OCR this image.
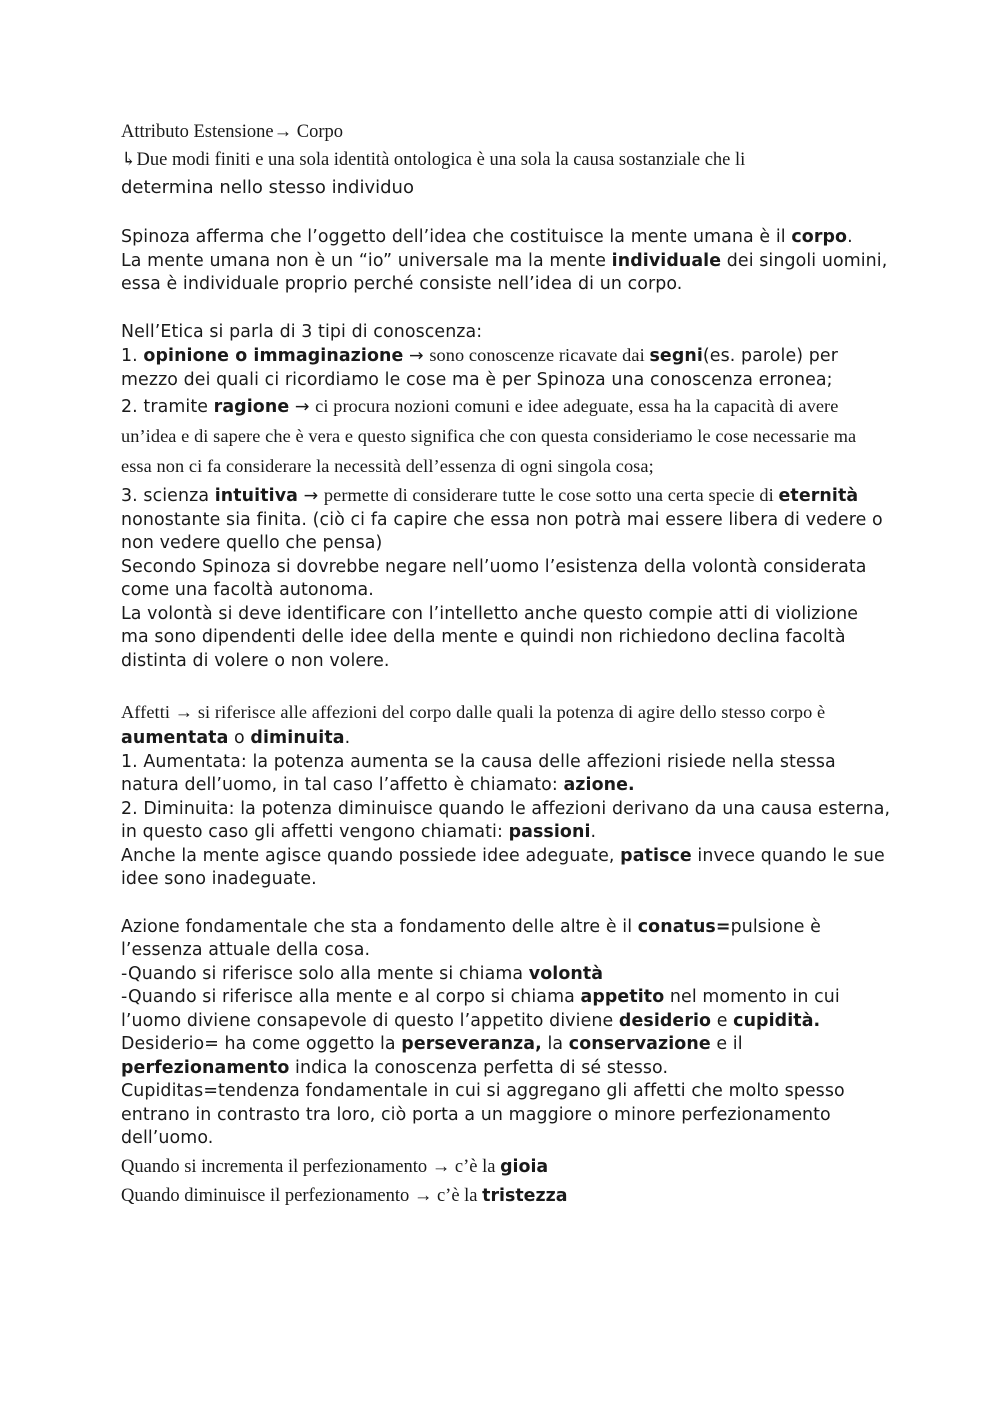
Attributo Estensione→ Corpo

↳Due modi finiti e una sola identità ontologica è una sola la causa sostanziale che li

determina nello stesso individuo

Spinoza afferma che l’oggetto dell’idea che costituisce la mente umana è il corpo.
La mente umana non è un “io” universale ma la mente individuale dei singoli uomini, essa è individuale proprio perché consiste nell’idea di un corpo.

Nell’Etica si parla di 3 tipi di conoscenza:

1. opinione o immaginazione → sono conoscenze ricavate dai segni(es. parole) per mezzo dei quali ci ricordiamo le cose ma è per Spinoza una conoscenza erronea;

2. tramite ragione → ci procura nozioni comuni e idee adeguate, essa ha la capacità di avere un’idea e di sapere che è vera e questo significa che con questa consideriamo le cose necessarie ma essa non ci fa considerare la necessità dell’essenza di ogni singola cosa;

3. scienza intuitiva → permette di considerare tutte le cose sotto una certa specie di eternità nonostante sia finita. (ciò ci fa capire che essa non potrà mai essere libera di vedere o non vedere quello che pensa)

Secondo Spinoza si dovrebbe negare nell’uomo l’esistenza della volontà considerata come una facoltà autonoma.

La volontà si deve identificare con l’intelletto anche questo compie atti di violizione ma sono dipendenti delle idee della mente e quindi non richiedono declina facoltà distinta di volere o non volere.

Affetti → si riferisce alle affezioni del corpo dalle quali la potenza di agire dello stesso corpo è aumentata o diminuita.
1. Aumentata: la potenza aumenta se la causa delle affezioni risiede nella stessa natura dell’uomo, in tal caso l’affetto è chiamato: azione.
2. Diminuita: la potenza diminuisce quando le affezioni derivano da una causa esterna, in questo caso gli affetti vengono chiamati: passioni.
Anche la mente agisce quando possiede idee adeguate, patisce invece quando le sue idee sono inadeguate.

Azione fondamentale che sta a fondamento delle altre è il conatus=pulsione è l’essenza attuale della cosa.
-Quando si riferisce solo alla mente si chiama volontà
-Quando si riferisce alla mente e al corpo si chiama appetito nel momento in cui l’uomo diviene consapevole di questo l’appetito diviene desiderio e cupidità.
Desiderio= ha come oggetto la perseveranza, la conservazione e il perfezionamento indica la conoscenza perfetta di sé stesso.
Cupiditas=tendenza fondamentale in cui si aggregano gli affetti che molto spesso entrano in contrasto tra loro, ciò porta a un maggiore o minore perfezionamento dell’uomo.

Quando si incrementa il perfezionamento → c’è la gioia

Quando diminuisce il perfezionamento → c’è la tristezza
